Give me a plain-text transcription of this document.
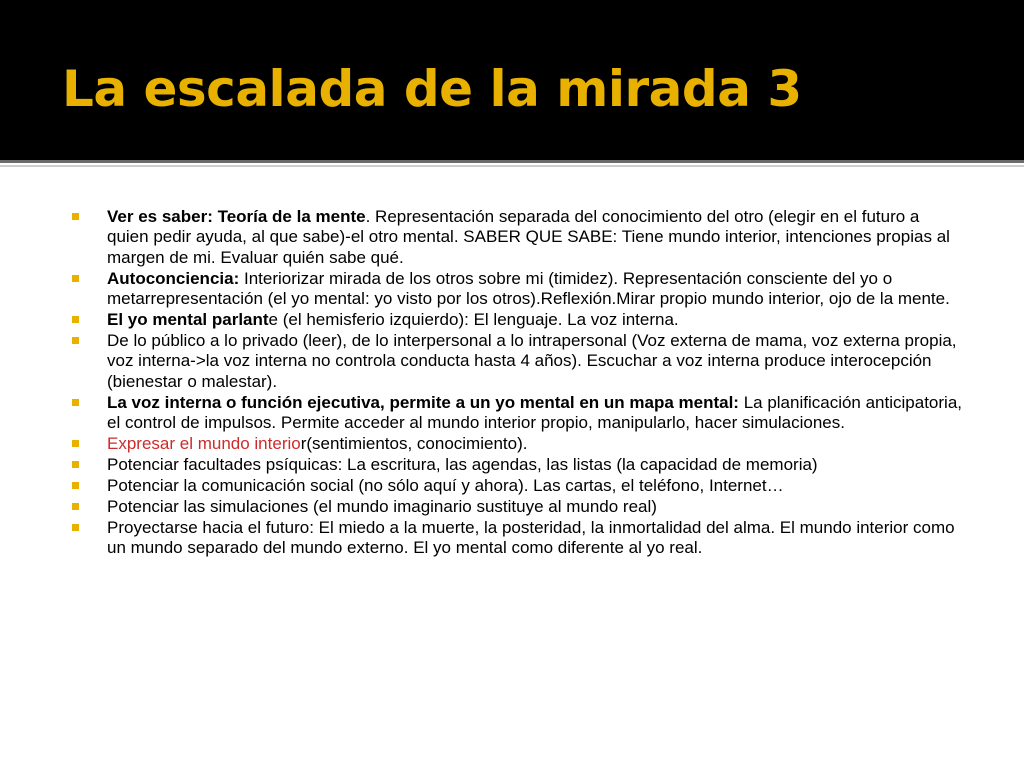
La escalada de la mirada 3
Ver es saber: Teoría de la mente. Representación separada del conocimiento del otro (elegir en el futuro a quien pedir ayuda, al que sabe)-el otro mental. SABER QUE SABE: Tiene mundo interior, intenciones propias al margen de mi. Evaluar quién sabe qué.
Autoconciencia: Interiorizar mirada de los otros sobre mi (timidez). Representación consciente del yo o metarrepresentación (el yo mental: yo visto por los otros).Reflexión.Mirar propio mundo interior, ojo de la mente.
El yo mental parlante (el hemisferio izquierdo): El lenguaje. La voz interna.
De lo público a lo privado (leer), de lo interpersonal a lo intrapersonal (Voz externa de mama, voz externa propia, voz interna->la voz interna no controla conducta hasta 4 años). Escuchar a voz interna produce interocepción (bienestar o malestar).
La voz interna o función ejecutiva, permite a un yo mental en un mapa mental: La planificación anticipatoria, el control de impulsos. Permite acceder al mundo interior propio, manipularlo, hacer simulaciones.
Expresar el mundo interior(sentimientos, conocimiento).
Potenciar facultades psíquicas: La escritura, las agendas, las listas (la capacidad de memoria)
Potenciar la comunicación social (no sólo aquí y ahora). Las cartas, el teléfono, Internet…
Potenciar las simulaciones (el mundo imaginario sustituye al mundo real)
Proyectarse hacia el futuro: El miedo a la muerte, la posteridad, la inmortalidad del alma. El mundo interior como un mundo separado del mundo externo. El yo mental como diferente al yo real.
